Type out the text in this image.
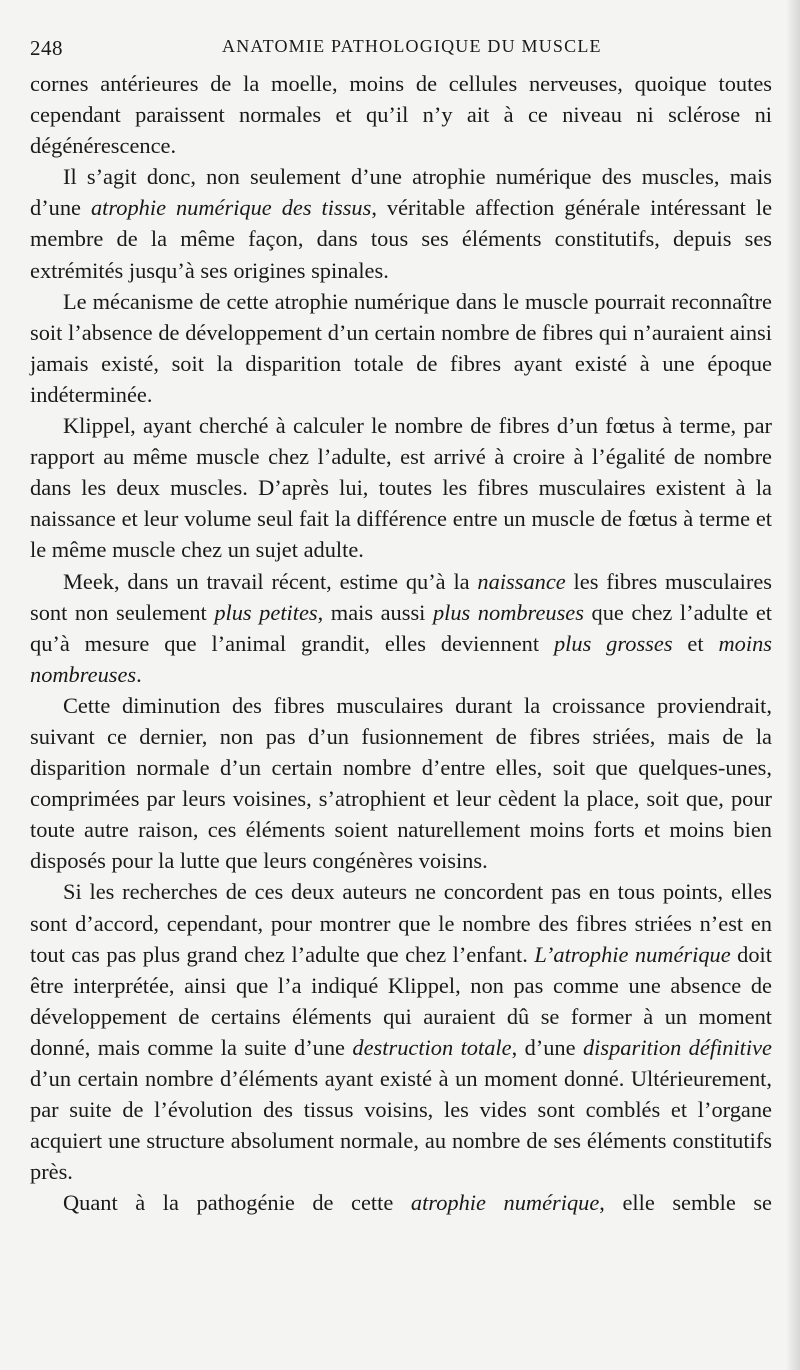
248	ANATOMIE PATHOLOGIQUE DU MUSCLE

cornes antérieures de la moelle, moins de cellules nerveuses, quoique toutes cependant paraissent normales et qu’il n’y ait à ce niveau ni sclérose ni dégénérescence.

Il s’agit donc, non seulement d’une atrophie numérique des muscles, mais d’une atrophie numérique des tissus, véritable affection générale intéressant le membre de la même façon, dans tous ses éléments constitutifs, depuis ses extrémités jusqu’à ses origines spinales.

Le mécanisme de cette atrophie numérique dans le muscle pourrait reconnaître soit l’absence de développement d’un certain nombre de fibres qui n’auraient ainsi jamais existé, soit la disparition totale de fibres ayant existé à une époque indéterminée.

Klippel, ayant cherché à calculer le nombre de fibres d’un fœtus à terme, par rapport au même muscle chez l’adulte, est arrivé à croire à l’égalité de nombre dans les deux muscles. D’après lui, toutes les fibres musculaires existent à la naissance et leur volume seul fait la différence entre un muscle de fœtus à terme et le même muscle chez un sujet adulte.

Meek, dans un travail récent, estime qu’à la naissance les fibres musculaires sont non seulement plus petites, mais aussi plus nombreuses que chez l’adulte et qu’à mesure que l’animal grandit, elles deviennent plus grosses et moins nombreuses.

Cette diminution des fibres musculaires durant la croissance proviendrait, suivant ce dernier, non pas d’un fusionnement de fibres striées, mais de la disparition normale d’un certain nombre d’entre elles, soit que quelques-unes, comprimées par leurs voisines, s’atrophient et leur cèdent la place, soit que, pour toute autre raison, ces éléments soient naturellement moins forts et moins bien disposés pour la lutte que leurs congénères voisins.

Si les recherches de ces deux auteurs ne concordent pas en tous points, elles sont d’accord, cependant, pour montrer que le nombre des fibres striées n’est en tout cas pas plus grand chez l’adulte que chez l’enfant. L’atrophie numérique doit être interprétée, ainsi que l’a indiqué Klippel, non pas comme une absence de développement de certains éléments qui auraient dû se former à un moment donné, mais comme la suite d’une destruction totale, d’une disparition définitive d’un certain nombre d’éléments ayant existé à un moment donné. Ultérieurement, par suite de l’évolution des tissus voisins, les vides sont comblés et l’organe acquiert une structure absolument normale, au nombre de ses éléments constitutifs près.

Quant à la pathogénie de cette atrophie numérique, elle semble se
